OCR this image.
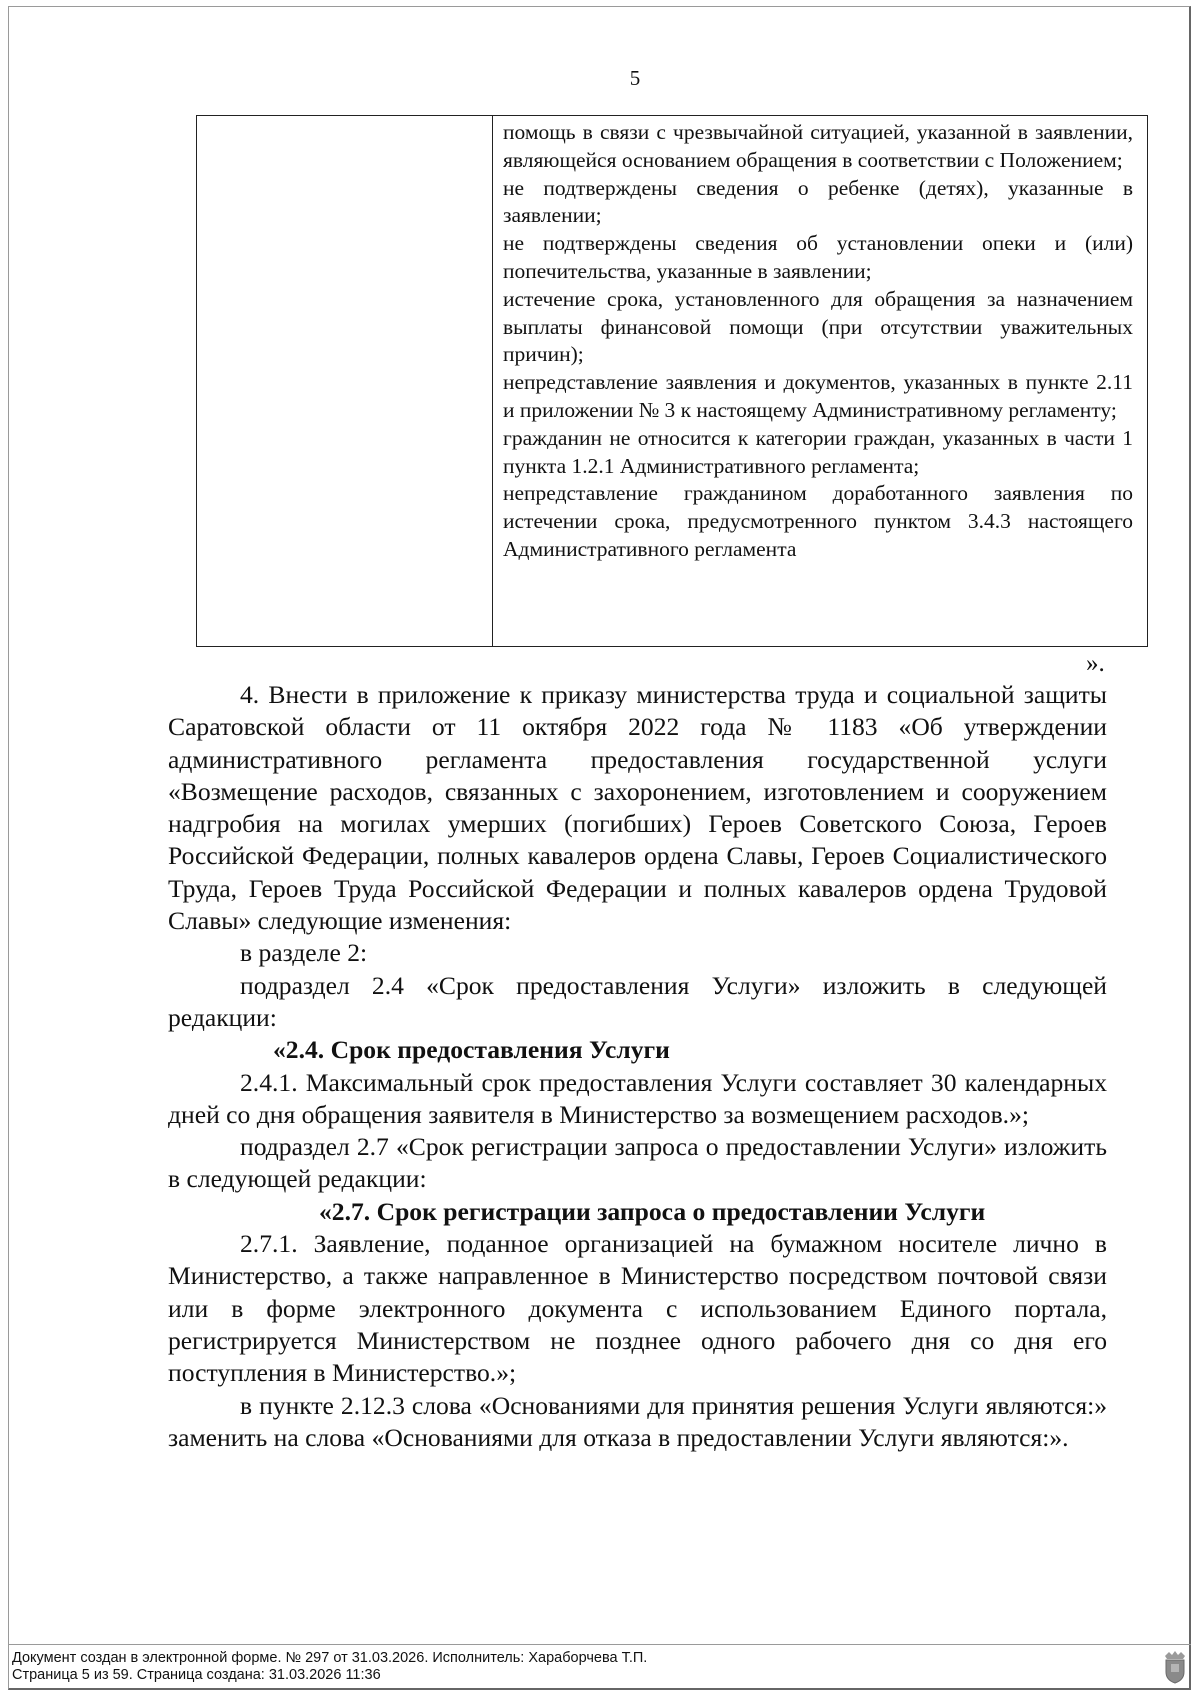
5

помощь в связи с чрезвычайной ситуацией, указанной в заявлении, являющейся основанием обращения в соответствии с Положением;

не подтверждены сведения о ребенке (детях), указанные в заявлении;

не подтверждены сведения об установлении опеки и (или) попечительства, указанные в заявлении;

истечение срока, установленного для обращения за назначением выплаты финансовой помощи (при отсутствии уважительных причин);

непредставление заявления и документов, указанных в пункте 2.11 и приложении № 3 к настоящему Административному регламенту;

гражданин не относится к категории граждан, указанных в части 1 пункта 1.2.1 Административного регламента;

непредставление гражданином доработанного заявления по истечении срока, предусмотренного пунктом 3.4.3 настоящего Административного регламента

».

4. Внести в приложение к приказу министерства труда и социальной защиты Саратовской области от 11 октября 2022 года № 1183 «Об утверждении административного регламента предоставления государственной услуги «Возмещение расходов, связанных с захоронением, изготовлением и сооружением надгробия на могилах умерших (погибших) Героев Советского Союза, Героев Российской Федерации, полных кавалеров ордена Славы, Героев Социалистического Труда, Героев Труда Российской Федерации и полных кавалеров ордена Трудовой Славы» следующие изменения:

в разделе 2:

подраздел 2.4 «Срок предоставления Услуги» изложить в следующей редакции:

«2.4. Срок предоставления Услуги

2.4.1. Максимальный срок предоставления Услуги составляет 30 календарных дней со дня обращения заявителя в Министерство за возмещением расходов.»;

подраздел 2.7 «Срок регистрации запроса о предоставлении Услуги» изложить в следующей редакции:

«2.7. Срок регистрации запроса о предоставлении Услуги

2.7.1. Заявление, поданное организацией на бумажном носителе лично в Министерство, а также направленное в Министерство посредством почтовой связи или в форме электронного документа с использованием Единого портала, регистрируется Министерством не позднее одного рабочего дня со дня его поступления в Министерство.»;

в пункте 2.12.3 слова «Основаниями для принятия решения Услуги являются:» заменить на слова «Основаниями для отказа в предоставлении Услуги являются:».

Документ создан в электронной форме. № 297 от 31.03.2026. Исполнитель: Хараборчева Т.П.
Страница 5 из 59. Страница создана: 31.03.2026 11:36
